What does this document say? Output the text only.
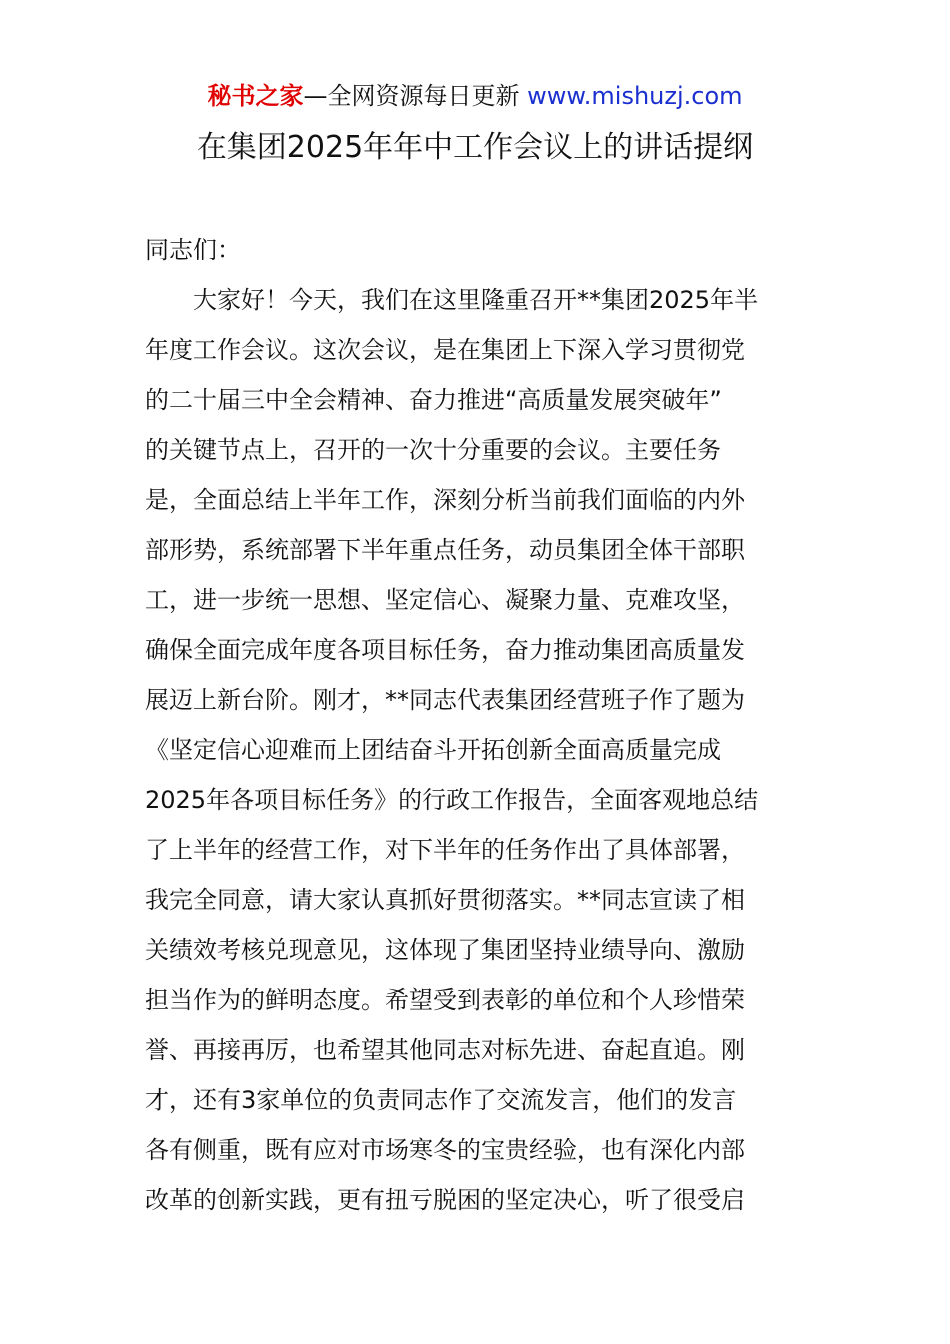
秘书之家—全网资源每日更新 www.mishuzj.com
在集团2025年年中工作会议上的讲话提纲
同志们：
大家好！今天，我们在这里隆重召开**集团2025年半
年度工作会议。这次会议，是在集团上下深入学习贯彻党
的二十届三中全会精神、奋力推进“高质量发展突破年”
的关键节点上，召开的一次十分重要的会议。主要任务
是，全面总结上半年工作，深刻分析当前我们面临的内外
部形势，系统部署下半年重点任务，动员集团全体干部职
工，进一步统一思想、坚定信心、凝聚力量、克难攻坚，
确保全面完成年度各项目标任务，奋力推动集团高质量发
展迈上新台阶。刚才，**同志代表集团经营班子作了题为
《坚定信心迎难而上团结奋斗开拓创新全面高质量完成
2025年各项目标任务》的行政工作报告，全面客观地总结
了上半年的经营工作，对下半年的任务作出了具体部署，
我完全同意，请大家认真抓好贯彻落实。**同志宣读了相
关绩效考核兑现意见，这体现了集团坚持业绩导向、激励
担当作为的鲜明态度。希望受到表彰的单位和个人珍惜荣
誉、再接再厉，也希望其他同志对标先进、奋起直追。刚
才，还有3家单位的负责同志作了交流发言，他们的发言
各有侧重，既有应对市场寒冬的宝贵经验，也有深化内部
改革的创新实践，更有扭亏脱困的坚定决心，听了很受启
